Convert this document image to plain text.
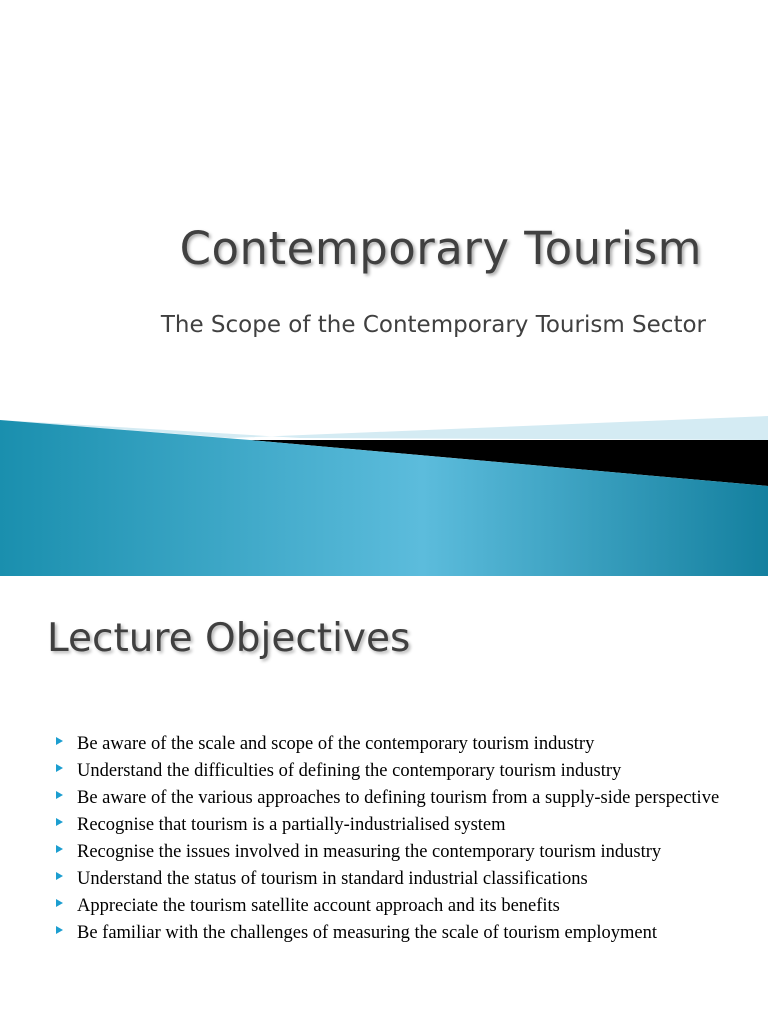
Contemporary Tourism
The Scope of the Contemporary Tourism Sector
Lecture Objectives
Be aware of the scale and scope of the contemporary tourism industry
Understand the difficulties of defining the contemporary tourism industry
Be aware of the various approaches to defining tourism from a supply-side perspective
Recognise that tourism is a partially-industrialised system
Recognise the issues involved in measuring the contemporary tourism industry
Understand the status of tourism in standard industrial classifications
Appreciate the tourism satellite account approach and its benefits
Be familiar with the challenges of measuring the scale of tourism employment
